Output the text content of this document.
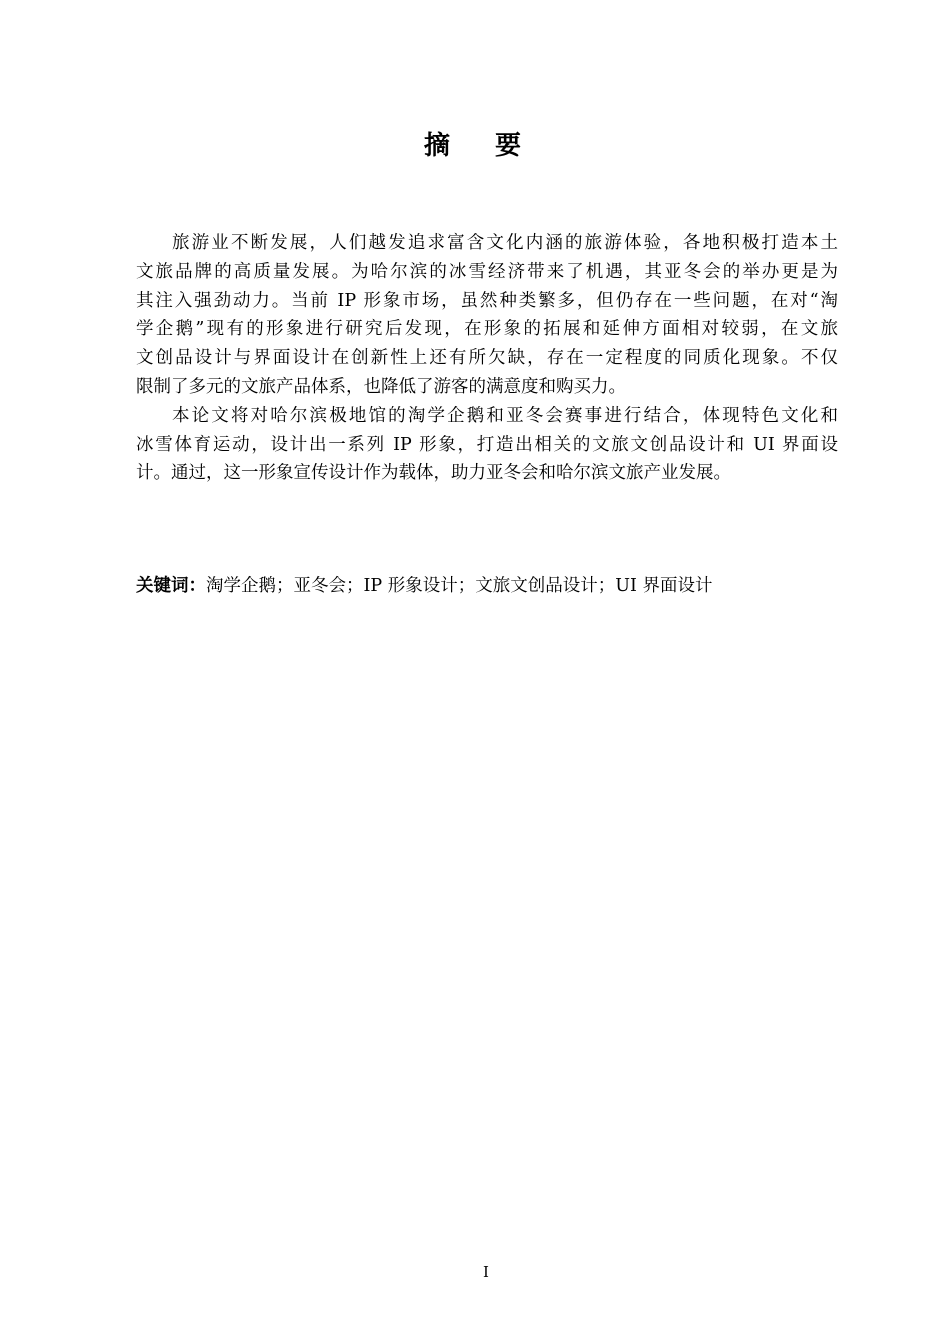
摘要

旅游业不断发展，人们越发追求富含文化内涵的旅游体验，各地积极打造本土
文旅品牌的高质量发展。为哈尔滨的冰雪经济带来了机遇，其亚冬会的举办更是为
其注入强劲动力。当前 IP 形象市场，虽然种类繁多，但仍存在一些问题，在对“淘
学企鹅”现有的形象进行研究后发现，在形象的拓展和延伸方面相对较弱，在文旅
文创品设计与界面设计在创新性上还有所欠缺，存在一定程度的同质化现象。不仅
限制了多元的文旅产品体系，也降低了游客的满意度和购买力。

本论文将对哈尔滨极地馆的淘学企鹅和亚冬会赛事进行结合，体现特色文化和
冰雪体育运动，设计出一系列 IP 形象，打造出相关的文旅文创品设计和 UI 界面设
计。通过，这一形象宣传设计作为载体，助力亚冬会和哈尔滨文旅产业发展。

关键词：淘学企鹅；亚冬会；IP 形象设计；文旅文创品设计；UI 界面设计
I
